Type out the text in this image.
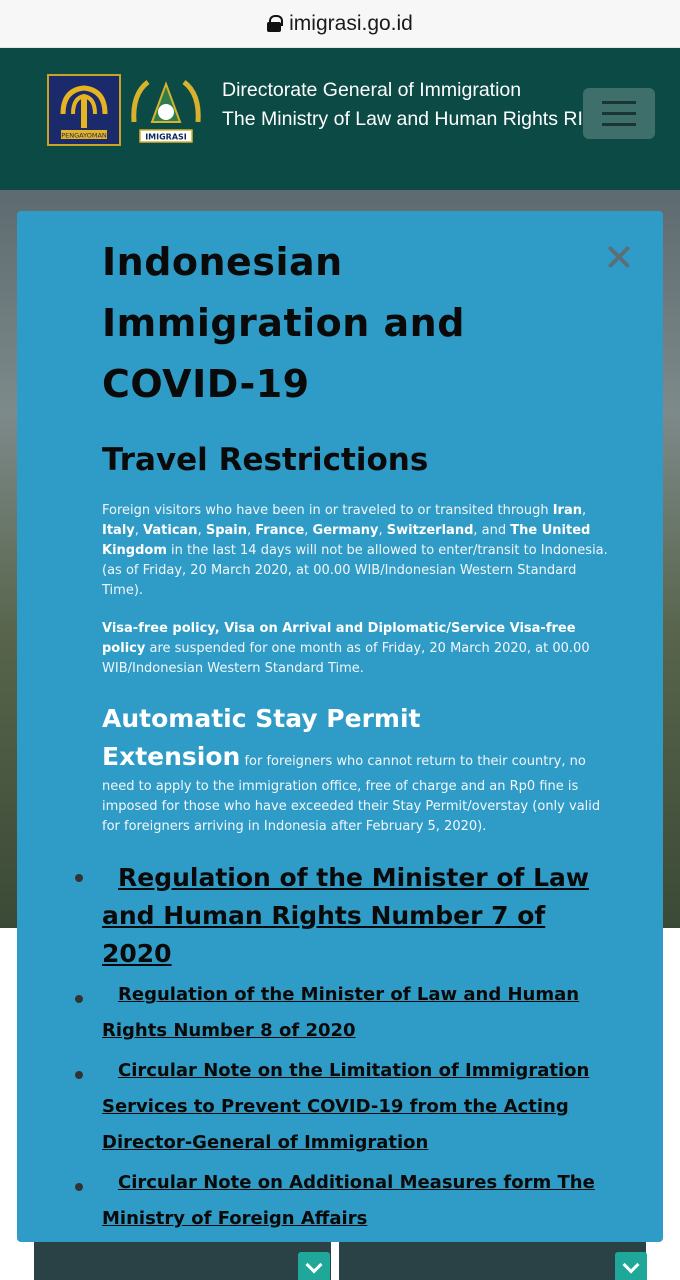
imigrasi.go.id
PENGAYOMAN	IMIGRASI
Directorate General of Immigration
The Ministry of Law and Human Rights RI
Indonesian
Immigration and
COVID-19
Travel Restrictions

Foreign visitors who have been in or traveled to or transited through Iran, Italy, Vatican, Spain, France, Germany, Switzerland, and The United Kingdom in the last 14 days will not be allowed to enter/transit to Indonesia. (as of Friday, 20 March 2020, at 00.00 WIB/Indonesian Western Standard Time).

Visa-free policy, Visa on Arrival and Diplomatic/Service Visa-free policy are suspended for one month as of Friday, 20 March 2020, at 00.00 WIB/Indonesian Western Standard Time.

Automatic Stay Permit

Extension for foreigners who cannot return to their country, no need to apply to the immigration office, free of charge and an Rp0 fine is imposed for those who have exceeded their Stay Permit/overstay (only valid for foreigners arriving in Indonesia after February 5, 2020).

Regulation of the Minister of Law and Human Rights Number 7 of 2020
Regulation of the Minister of Law and Human Rights Number 8 of 2020
Circular Note on the Limitation of Immigration Services to Prevent COVID-19 from the Acting Director-General of Immigration
Circular Note on Additional Measures form The Ministry of Foreign Affairs
